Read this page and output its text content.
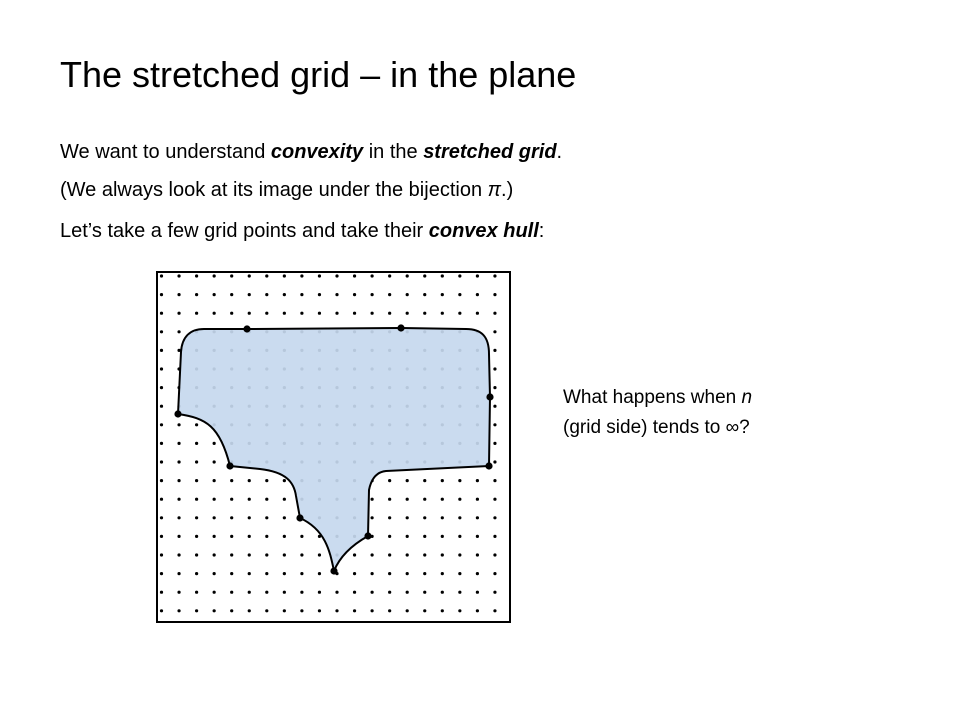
The stretched grid – in the plane
We want to understand convexity in the stretched grid.
(We always look at its image under the bijection π.)
Let’s take a few grid points and take their convex hull:
What happens when n
(grid side) tends to ∞?
